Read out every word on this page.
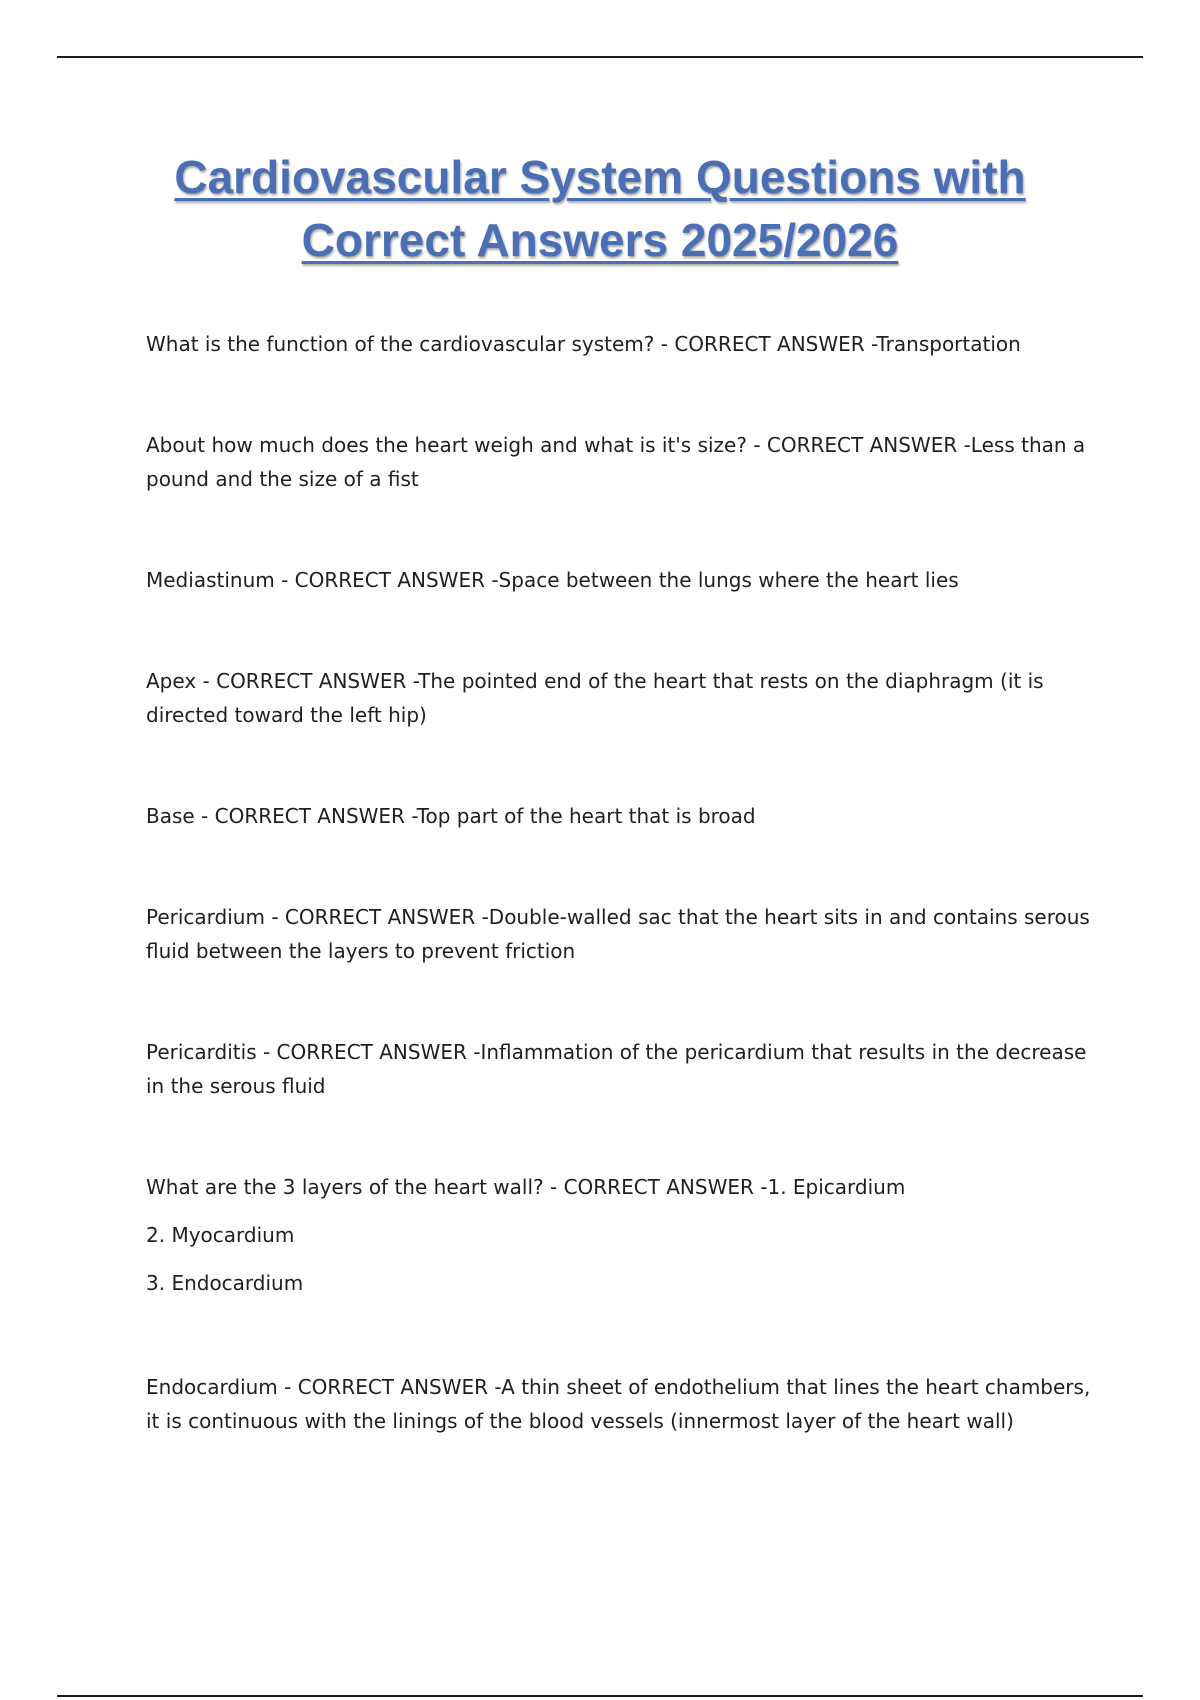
Cardiovascular System Questions with
Correct Answers 2025/2026

What is the function of the cardiovascular system? - CORRECT ANSWER -Transportation

About how much does the heart weigh and what is it's size? - CORRECT ANSWER -Less than a pound and the size of a fist

Mediastinum - CORRECT ANSWER -Space between the lungs where the heart lies

Apex - CORRECT ANSWER -The pointed end of the heart that rests on the diaphragm (it is directed toward the left hip)

Base - CORRECT ANSWER -Top part of the heart that is broad

Pericardium - CORRECT ANSWER -Double-walled sac that the heart sits in and contains serous fluid between the layers to prevent friction

Pericarditis - CORRECT ANSWER -Inflammation of the pericardium that results in the decrease in the serous fluid

What are the 3 layers of the heart wall? - CORRECT ANSWER -1. Epicardium
2. Myocardium
3. Endocardium

Endocardium - CORRECT ANSWER -A thin sheet of endothelium that lines the heart chambers, it is continuous with the linings of the blood vessels (innermost layer of the heart wall)
